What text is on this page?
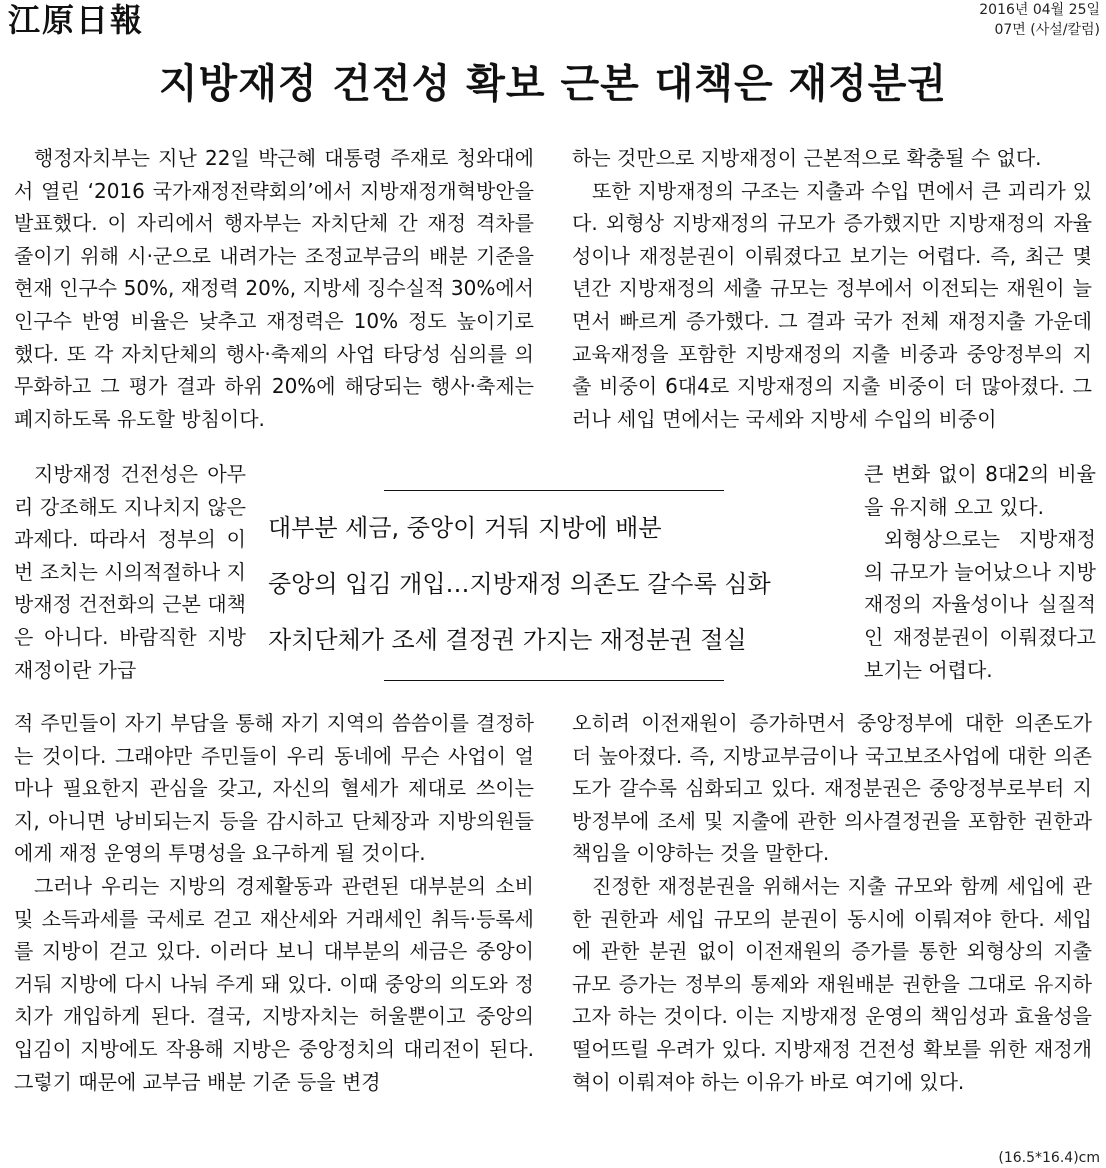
江原日報	2016년 04월 25일
07면 (사설/칼럼)
지방재정 건전성 확보 근본 대책은 재정분권

행정자치부는 지난 22일 박근혜 대통령 주재로 청와대에서 열린 ‘2016 국가재정전략회의’에서 지방재정개혁방안을 발표했다. 이 자리에서 행자부는 자치단체 간 재정 격차를 줄이기 위해 시·군으로 내려가는 조정교부금의 배분 기준을 현재 인구수 50%, 재정력 20%, 지방세 징수실적 30%에서 인구수 반영 비율은 낮추고 재정력은 10% 정도 높이기로 했다. 또 각 자치단체의 행사·축제의 사업 타당성 심의를 의무화하고 그 평가 결과 하위 20%에 해당되는 행사·축제는 폐지하도록 유도할 방침이다.

지방재정 건전성은 아무리 강조해도 지나치지 않은 과제다. 따라서 정부의 이번 조치는 시의적절하나 지방재정 건전화의 근본 대책은 아니다. 바람직한 지방재정이란 가급

적 주민들이 자기 부담을 통해 자기 지역의 씀씀이를 결정하는 것이다. 그래야만 주민들이 우리 동네에 무슨 사업이 얼마나 필요한지 관심을 갖고, 자신의 혈세가 제대로 쓰이는지, 아니면 낭비되는지 등을 감시하고 단체장과 지방의원들에게 재정 운영의 투명성을 요구하게 될 것이다.

그러나 우리는 지방의 경제활동과 관련된 대부분의 소비 및 소득과세를 국세로 걷고 재산세와 거래세인 취득·등록세를 지방이 걷고 있다. 이러다 보니 대부분의 세금은 중앙이 거둬 지방에 다시 나눠 주게 돼 있다. 이때 중앙의 의도와 정치가 개입하게 된다. 결국, 지방자치는 허울뿐이고 중앙의 입김이 지방에도 작용해 지방은 중앙정치의 대리전이 된다. 그렇기 때문에 교부금 배분 기준 등을 변경

하는 것만으로 지방재정이 근본적으로 확충될 수 없다.

또한 지방재정의 구조는 지출과 수입 면에서 큰 괴리가 있다. 외형상 지방재정의 규모가 증가했지만 지방재정의 자율성이나 재정분권이 이뤄졌다고 보기는 어렵다. 즉, 최근 몇 년간 지방재정의 세출 규모는 정부에서 이전되는 재원이 늘면서 빠르게 증가했다. 그 결과 국가 전체 재정지출 가운데 교육재정을 포함한 지방재정의 지출 비중과 중앙정부의 지출 비중이 6대4로 지방재정의 지출 비중이 더 많아졌다. 그러나 세입 면에서는 국세와 지방세 수입의 비중이

큰 변화 없이 8대2의 비율을 유지해 오고 있다.

외형상으로는 지방재정의 규모가 늘어났으나 지방재정의 자율성이나 실질적인 재정분권이 이뤄졌다고 보기는 어렵다.

오히려 이전재원이 증가하면서 중앙정부에 대한 의존도가 더 높아졌다. 즉, 지방교부금이나 국고보조사업에 대한 의존도가 갈수록 심화되고 있다. 재정분권은 중앙정부로부터 지방정부에 조세 및 지출에 관한 의사결정권을 포함한 권한과 책임을 이양하는 것을 말한다.

진정한 재정분권을 위해서는 지출 규모와 함께 세입에 관한 권한과 세입 규모의 분권이 동시에 이뤄져야 한다. 세입에 관한 분권 없이 이전재원의 증가를 통한 외형상의 지출 규모 증가는 정부의 통제와 재원배분 권한을 그대로 유지하고자 하는 것이다. 이는 지방재정 운영의 책임성과 효율성을 떨어뜨릴 우려가 있다. 지방재정 건전성 확보를 위한 재정개혁이 이뤄져야 하는 이유가 바로 여기에 있다.

대부분 세금, 중앙이 거둬 지방에 배분
중앙의 입김 개입…지방재정 의존도 갈수록 심화
자치단체가 조세 결정권 가지는 재정분권 절실
(16.5*16.4)cm
